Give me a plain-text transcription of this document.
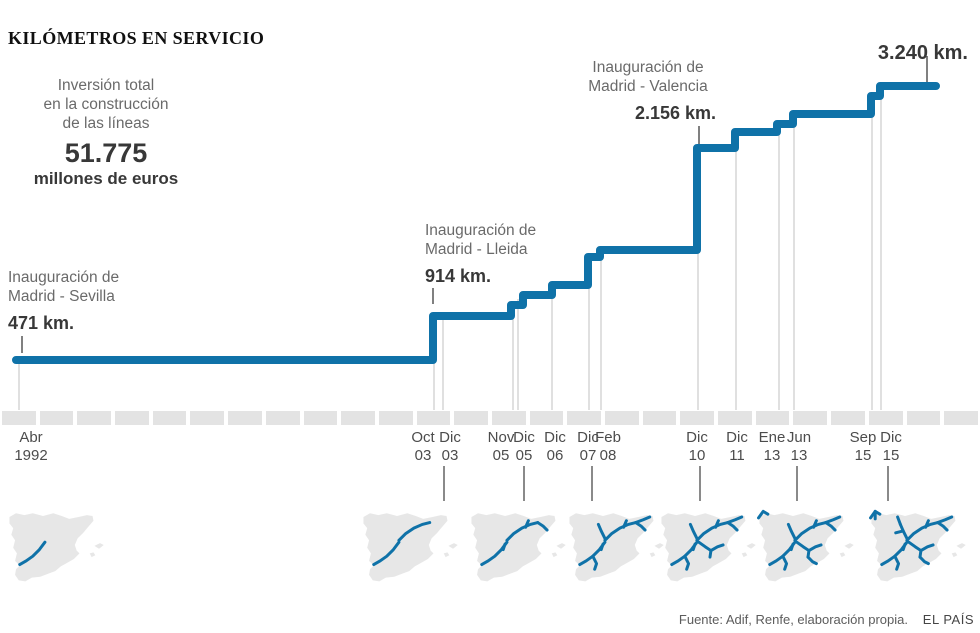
KILÓMETROS EN SERVICIO
Inversión total
en la construcción
de las líneas
51.775
millones de euros
Inauguración de
Madrid - Sevilla
471 km.
Inauguración de
Madrid - Lleida
914 km.
Inauguración de
Madrid - Valencia
2.156 km.
3.240 km.
Abr
1992
Oct
03
Dic
03
Nov
05
Dic
05
Dic
06
Dic
07
Feb
08
Dic
10
Dic
11
Ene
13
Jun
13
Sep
15
Dic
15
Fuente: Adif, Renfe, elaboración propia. EL PAÍS
